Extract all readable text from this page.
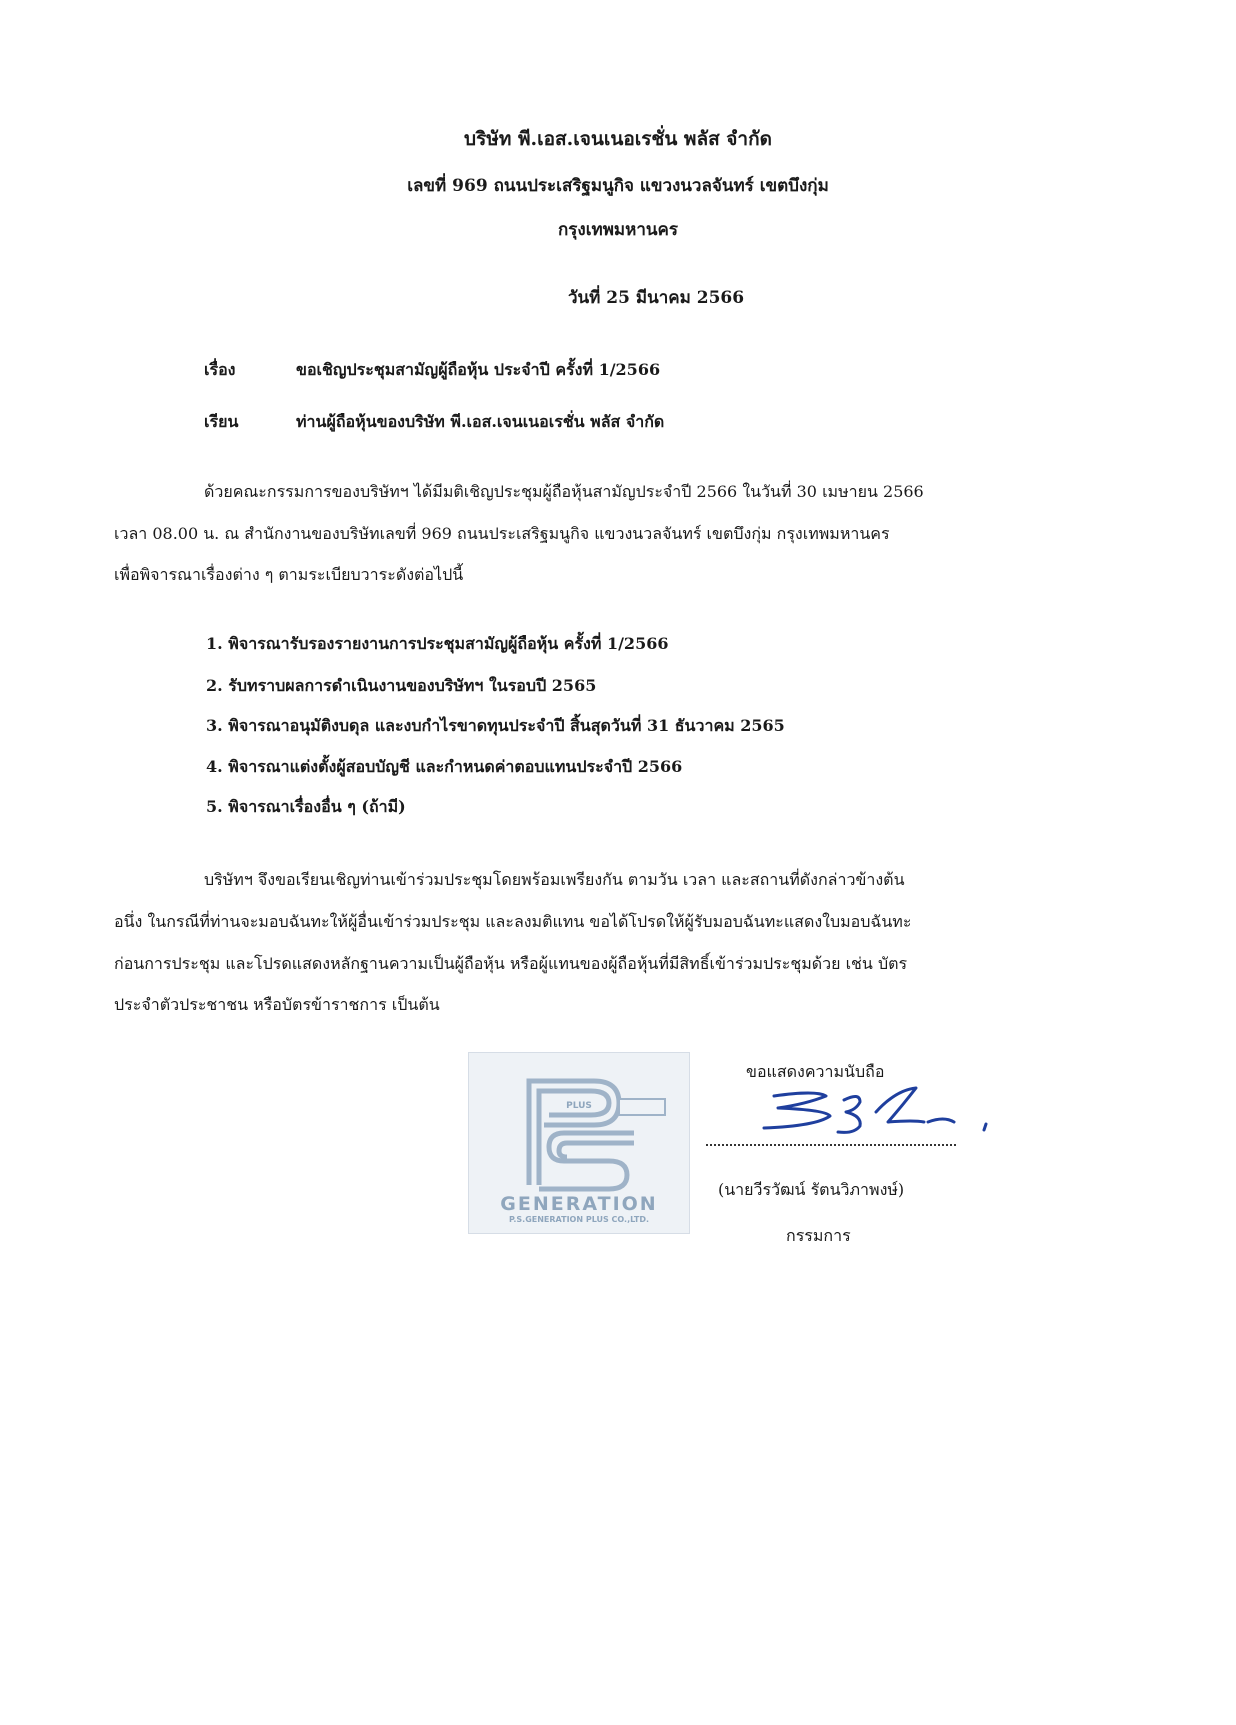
บริษัท พี.เอส.เจนเนอเรชั่น พลัส จำกัด
เลขที่ 969 ถนนประเสริฐมนูกิจ แขวงนวลจันทร์ เขตบึงกุ่ม
กรุงเทพมหานคร
วันที่ 25 มีนาคม 2566
เรื่อง	ขอเชิญประชุมสามัญผู้ถือหุ้น ประจำปี ครั้งที่ 1/2566
เรียน	ท่านผู้ถือหุ้นของบริษัท พี.เอส.เจนเนอเรชั่น พลัส จำกัด
ด้วยคณะกรรมการของบริษัทฯ ได้มีมติเชิญประชุมผู้ถือหุ้นสามัญประจำปี 2566 ในวันที่ 30 เมษายน 2566
เวลา 08.00 น. ณ สำนักงานของบริษัทเลขที่ 969 ถนนประเสริฐมนูกิจ แขวงนวลจันทร์ เขตบึงกุ่ม กรุงเทพมหานคร
เพื่อพิจารณาเรื่องต่าง ๆ ตามระเบียบวาระดังต่อไปนี้
1. พิจารณารับรองรายงานการประชุมสามัญผู้ถือหุ้น ครั้งที่ 1/2566
2. รับทราบผลการดำเนินงานของบริษัทฯ ในรอบปี 2565
3. พิจารณาอนุมัติงบดุล และงบกำไรขาดทุนประจำปี สิ้นสุดวันที่ 31 ธันวาคม 2565
4. พิจารณาแต่งตั้งผู้สอบบัญชี และกำหนดค่าตอบแทนประจำปี 2566
5. พิจารณาเรื่องอื่น ๆ (ถ้ามี)
บริษัทฯ จึงขอเรียนเชิญท่านเข้าร่วมประชุมโดยพร้อมเพรียงกัน ตามวัน เวลา และสถานที่ดังกล่าวข้างต้น
อนึ่ง ในกรณีที่ท่านจะมอบฉันทะให้ผู้อื่นเข้าร่วมประชุม และลงมติแทน ขอได้โปรดให้ผู้รับมอบฉันทะแสดงใบมอบฉันทะ
ก่อนการประชุม และโปรดแสดงหลักฐานความเป็นผู้ถือหุ้น หรือผู้แทนของผู้ถือหุ้นที่มีสิทธิ์เข้าร่วมประชุมด้วย เช่น บัตร
ประจำตัวประชาชน หรือบัตรข้าราชการ เป็นต้น
PLUS
GENERATION
P.S.GENERATION PLUS CO.,LTD.
ขอแสดงความนับถือ
(นายวีรวัฒน์ รัตนวิภาพงษ์)
กรรมการ
